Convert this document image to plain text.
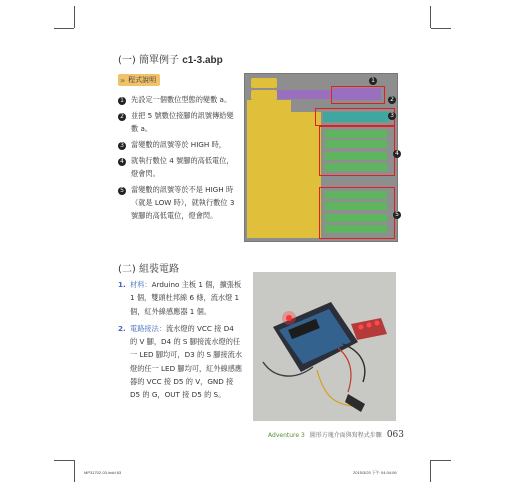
(一) 簡單例子 c1-3.abp
» 程式說明
1 先設定一個數位型態的變數 a。
2 並把 5 號數位接腳的訊號傳給變數 a。
3 當變數的訊號等於 HIGH 時，
4 就執行數位 4 號腳的高低電位，燈會閃。
5 當變數的訊號等於不是 HIGH 時（就是 LOW 時），就執行數位 3 號腳的高低電位，燈會閃。
1
2
3
4
5
(二) 組裝電路
1. 材料：Arduino 主板 1 個，擴張板 1 個，雙頭杜邦線 6 條，流水燈 1 個，紅外線感應器 1 個。
2. 電路接法：流水燈的 VCC 接 D4 的 V 腳，D4 的 S 腳接流水燈的任一 LED 腳均可，D3 的 S 腳接流水燈的任一 LED 腳均可，紅外線感應器的 VCC 接 D5 的 V，GND 接 D5 的 G，OUT 接 D5 的 S。
Adventure 3 圖形方塊介面與寫程式步驟 063
MP31702-03.indd 63	2015/3/20 下午 04:04:06
